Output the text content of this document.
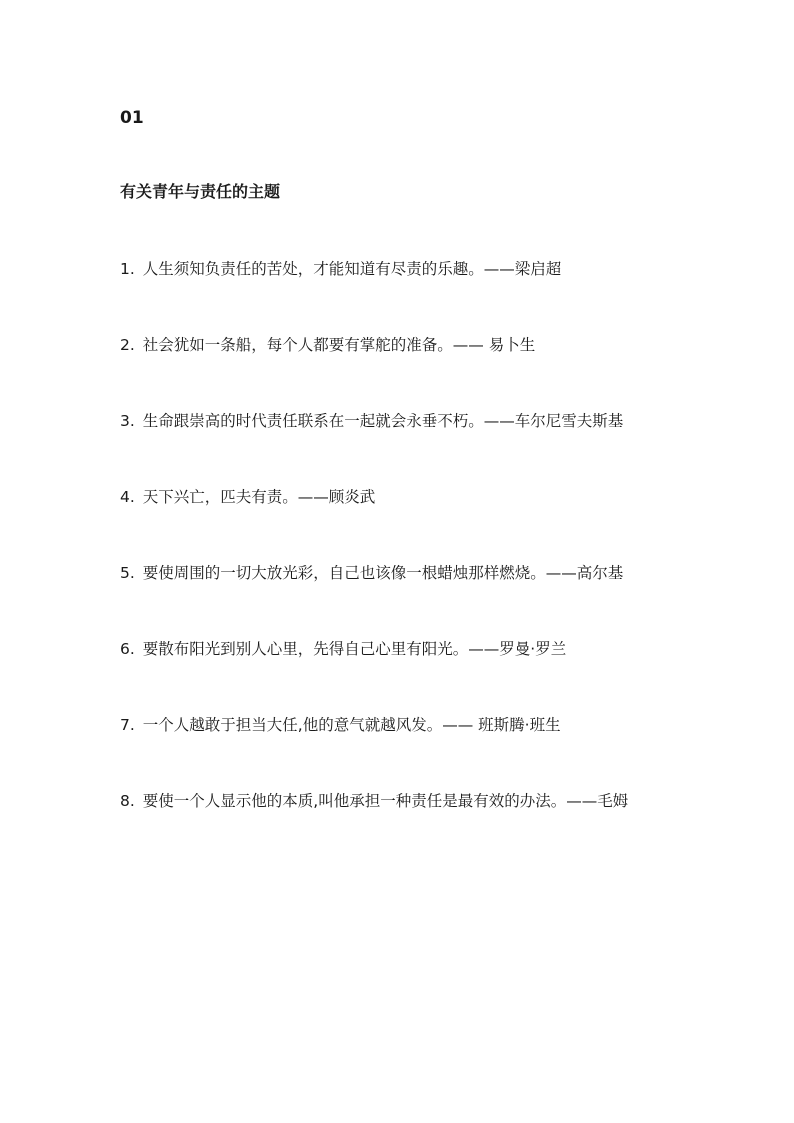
01
有关青年与责任的主题
1. 人生须知负责任的苦处，才能知道有尽责的乐趣。——梁启超
2. 社会犹如一条船，每个人都要有掌舵的准备。—— 易卜生
3. 生命跟崇高的时代责任联系在一起就会永垂不朽。——车尔尼雪夫斯基
4. 天下兴亡，匹夫有责。——顾炎武
5. 要使周围的一切大放光彩，自己也该像一根蜡烛那样燃烧。——高尔基
6. 要散布阳光到别人心里，先得自己心里有阳光。——罗曼·罗兰
7. 一个人越敢于担当大任,他的意气就越风发。—— 班斯腾·班生
8. 要使一个人显示他的本质,叫他承担一种责任是最有效的办法。——毛姆
